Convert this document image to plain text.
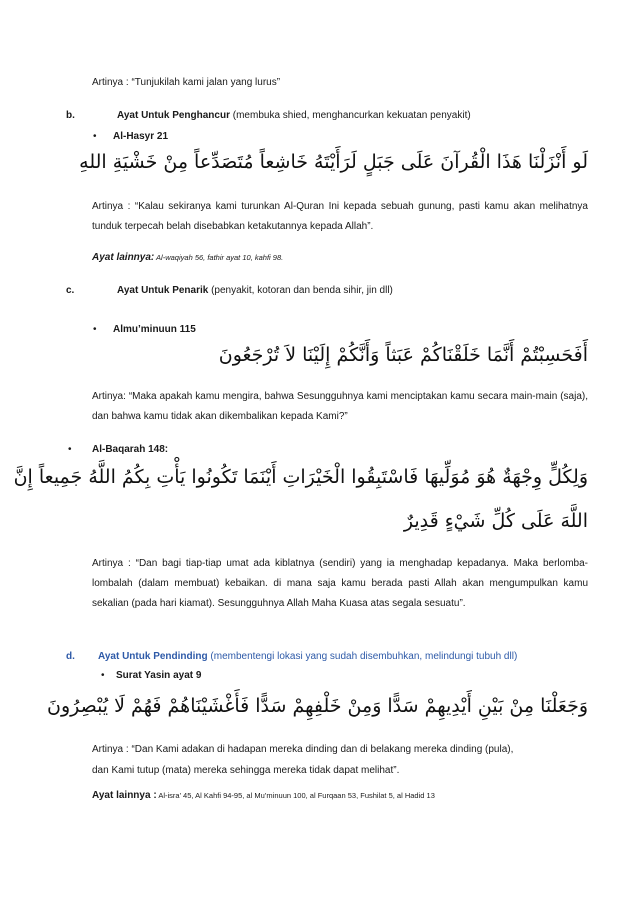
Artinya : “Tunjukilah kami jalan yang lurus”
b.	Ayat Untuk Penghancur (membuka shied, menghancurkan kekuatan penyakit)
• Al-Hasyr 21
لَو أَنْزَلْنَا هَذَا الْقُرآنَ عَلَى جَبَلٍ لَرَأَيْتَهُ خَاشِعاً مُتَصَدِّعاً مِنْ خَشْيَةِ اللهِ
Artinya : “Kalau sekiranya kami turunkan Al-Quran Ini kepada sebuah gunung, pasti kamu akan melihatnya tunduk terpecah belah disebabkan ketakutannya kepada Allah”.
Ayat lainnya: Al-waqiyah 56, fathir ayat 10, kahfi 98.
c.	Ayat Untuk Penarik (penyakit, kotoran dan benda sihir, jin dll)
• Almu’minuun 115
أَفَحَسِبْتُمْ أَنَّمَا خَلَقْنَاكُمْ عَبَثاً وَأَنَّكُمْ إِلَيْنَا لاَ تُرْجَعُونَ
Artinya: “Maka apakah kamu mengira, bahwa Sesungguhnya kami menciptakan kamu secara main-main (saja), dan bahwa kamu tidak akan dikembalikan kepada Kami?”
• Al-Baqarah 148:
وَلِكُلٍّ وِجْهَةٌ هُوَ مُوَلِّيهَا فَاسْتَبِقُوا الْخَيْرَاتِ أَيْنَمَا تَكُونُوا يَأْتِ بِكُمُ اللَّهُ جَمِيعاً إِنَّ
اللَّهَ عَلَى كُلِّ شَيْءٍ قَدِيرٌ
Artinya : “Dan bagi tiap-tiap umat ada kiblatnya (sendiri) yang ia menghadap kepadanya. Maka berlomba-lombalah (dalam membuat) kebaikan. di mana saja kamu berada pasti Allah akan mengumpulkan kamu sekalian (pada hari kiamat). Sesungguhnya Allah Maha Kuasa atas segala sesuatu”.
d. Ayat Untuk Pendinding (membentengi lokasi yang sudah disembuhkan, melindungi tubuh dll)
• Surat Yasin ayat 9
وَجَعَلْنَا مِنْ بَيْنِ أَيْدِيهِمْ سَدًّا وَمِنْ خَلْفِهِمْ سَدًّا فَأَغْشَيْنَاهُمْ فَهُمْ لَا يُبْصِرُونَ
Artinya : “Dan Kami adakan di hadapan mereka dinding dan di belakang mereka dinding (pula),
dan Kami tutup (mata) mereka sehingga mereka tidak dapat melihat”.
Ayat lainnya : Al-isra’ 45, Al Kahfi 94-95, al Mu’minuun 100, al Furqaan 53, Fushilat 5, al Hadid 13
